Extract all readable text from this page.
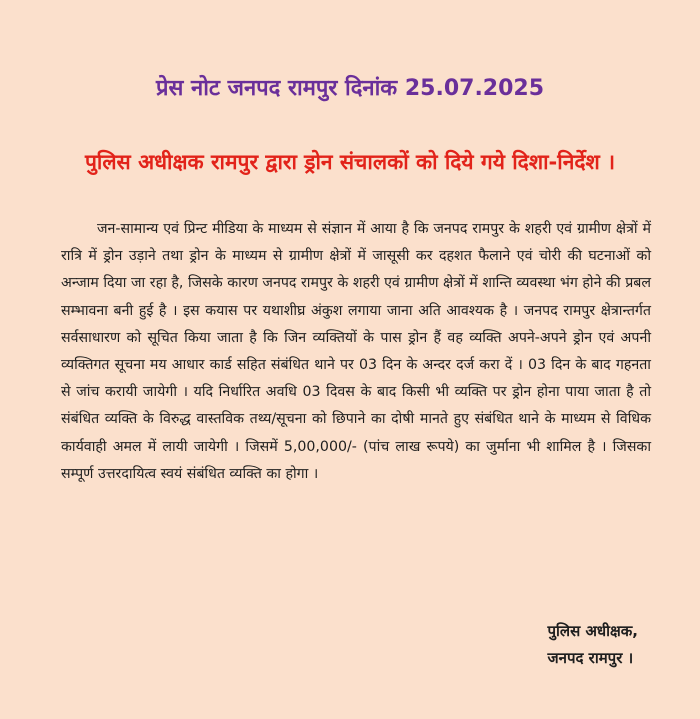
प्रेस नोट जनपद रामपुर दिनांक 25.07.2025
पुलिस अधीक्षक रामपुर द्वारा ड्रोन संचालकों को दिये गये दिशा-निर्देश ।
जन-सामान्य एवं प्रिन्ट मीडिया के माध्यम से संज्ञान में आया है कि जनपद रामपुर के शहरी एवं ग्रामीण क्षेत्रों में रात्रि में ड्रोन उड़ाने तथा ड्रोन के माध्यम से ग्रामीण क्षेत्रों में जासूसी कर दहशत फैलाने एवं चोरी की घटनाओं को अन्जाम दिया जा रहा है, जिसके कारण जनपद रामपुर के शहरी एवं ग्रामीण क्षेत्रों में शान्ति व्यवस्था भंग होने की प्रबल सम्भावना बनी हुई है । इस कयास पर यथाशीघ्र अंकुश लगाया जाना अति आवश्यक है । जनपद रामपुर क्षेत्रान्तर्गत सर्वसाधारण को सूचित किया जाता है कि जिन व्यक्तियों के पास ड्रोन हैं वह व्यक्ति अपने-अपने ड्रोन एवं अपनी व्यक्तिगत सूचना मय आधार कार्ड सहित संबंधित थाने पर 03 दिन के अन्दर दर्ज करा दें । 03 दिन के बाद गहनता से जांच करायी जायेगी । यदि निर्धारित अवधि 03 दिवस के बाद किसी भी व्यक्ति पर ड्रोन होना पाया जाता है तो संबंधित व्यक्ति के विरुद्ध वास्तविक तथ्य/सूचना को छिपाने का दोषी मानते हुए संबंधित थाने के माध्यम से विधिक कार्यवाही अमल में लायी जायेगी । जिसमें 5,00,000/- (पांच लाख रूपये) का जुर्माना भी शामिल है । जिसका सम्पूर्ण उत्तरदायित्व स्वयं संबंधित व्यक्ति का होगा ।
पुलिस अधीक्षक,
जनपद रामपुर ।
